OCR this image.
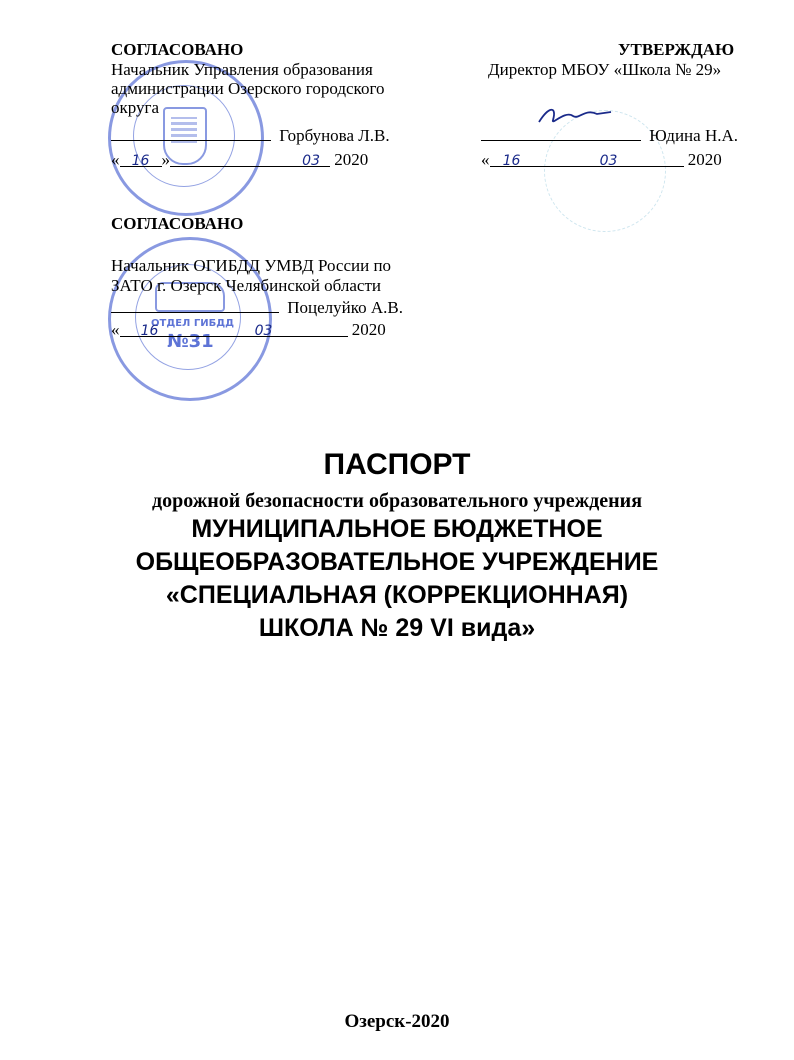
ОТДЕЛ ГИБДД
№31
СОГЛАСОВАНО
Начальник Управления образования
администрации Озерского городского
округа
Горбунова Л.В.
« 16 »	03 2020
УТВЕРЖДАЮ
Директор МБОУ «Школа № 29»
Юдина Н.А.
« 16	03	2020
СОГЛАСОВАНО
Начальник ОГИБДД УМВД России по
ЗАТО г. Озерск Челябинской области
Поцелуйко А.В.
« 16	03	2020
ПАСПОРТ
дорожной безопасности образовательного учреждения
МУНИЦИПАЛЬНОЕ БЮДЖЕТНОЕ
ОБЩЕОБРАЗОВАТЕЛЬНОЕ УЧРЕЖДЕНИЕ
«СПЕЦИАЛЬНАЯ (КОРРЕКЦИОННАЯ)
ШКОЛА № 29 VI вида»
Озерск-2020
